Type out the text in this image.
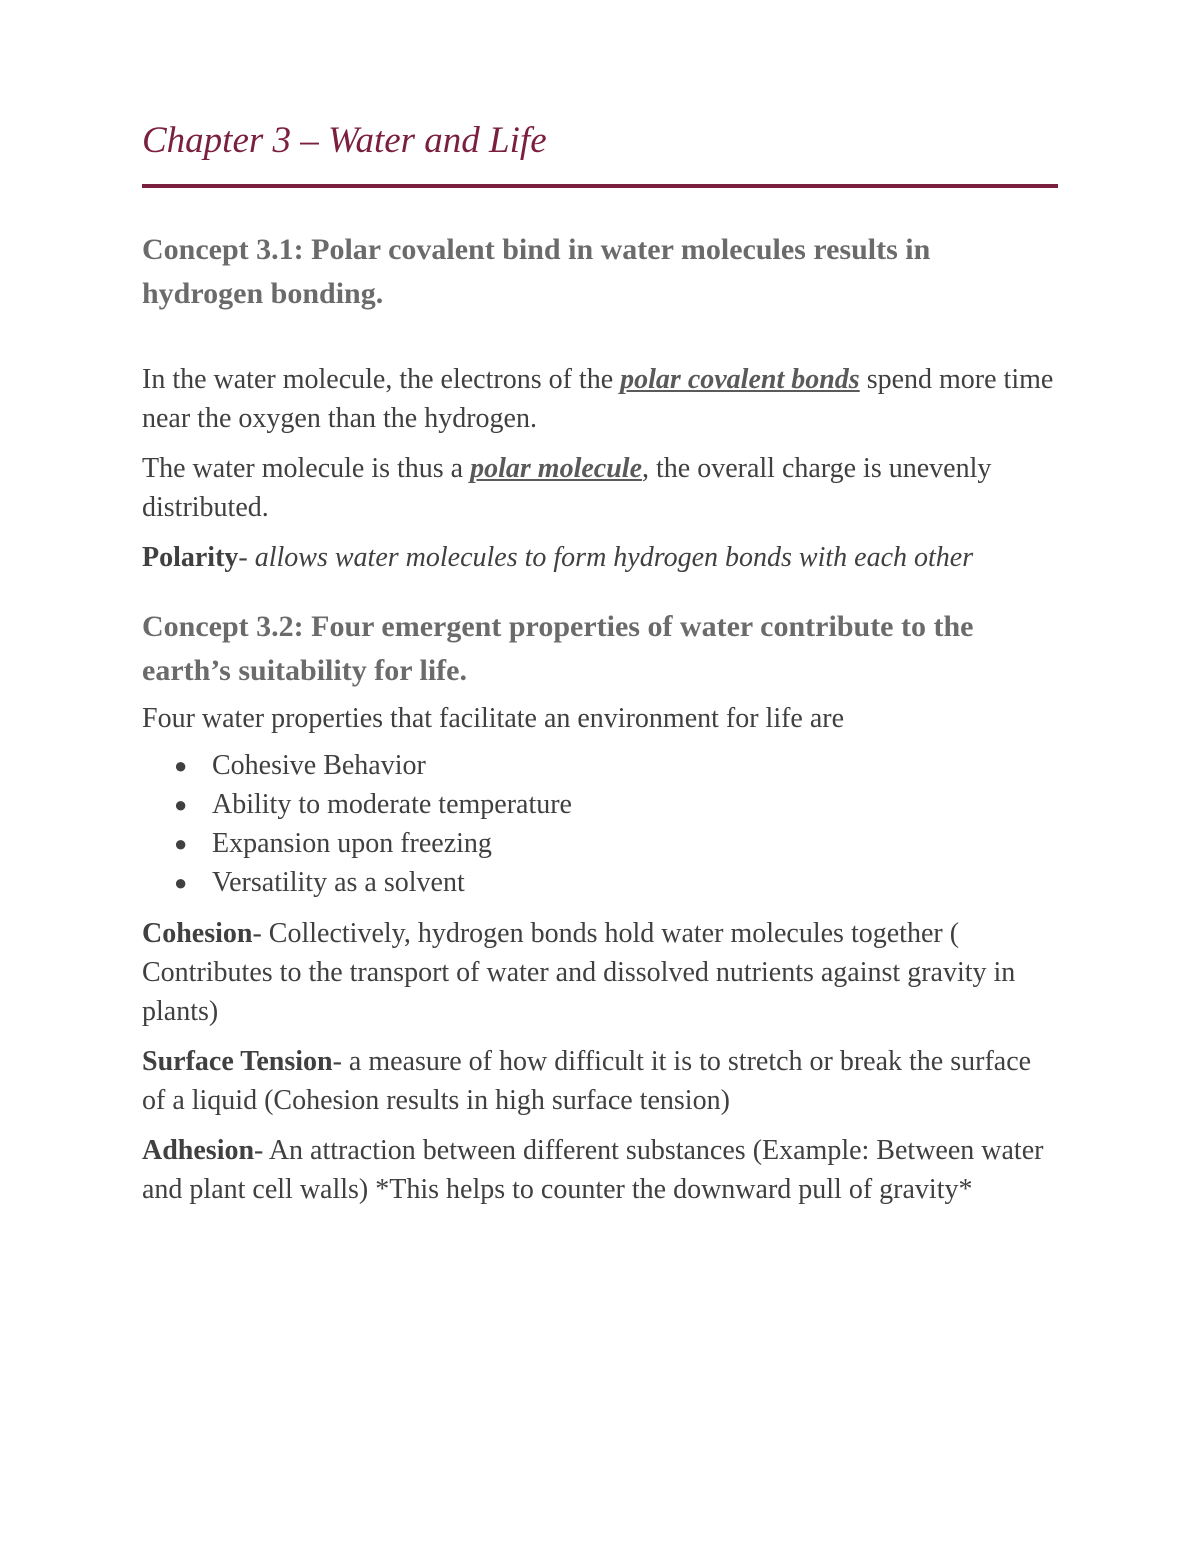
Chapter 3 – Water and Life
Concept 3.1: Polar covalent bind in water molecules results in hydrogen bonding.

In the water molecule, the electrons of the polar covalent bonds spend more time near the oxygen than the hydrogen.

The water molecule is thus a polar molecule, the overall charge is unevenly distributed.

Polarity- allows water molecules to form hydrogen bonds with each other

Concept 3.2: Four emergent properties of water contribute to the earth’s suitability for life.

Four water properties that facilitate an environment for life are

● Cohesive Behavior
● Ability to moderate temperature
● Expansion upon freezing
● Versatility as a solvent

Cohesion- Collectively, hydrogen bonds hold water molecules together ( Contributes to the transport of water and dissolved nutrients against gravity in plants)

Surface Tension- a measure of how difficult it is to stretch or break the surface of a liquid (Cohesion results in high surface tension)

Adhesion- An attraction between different substances (Example: Between water and plant cell walls) *This helps to counter the downward pull of gravity*
